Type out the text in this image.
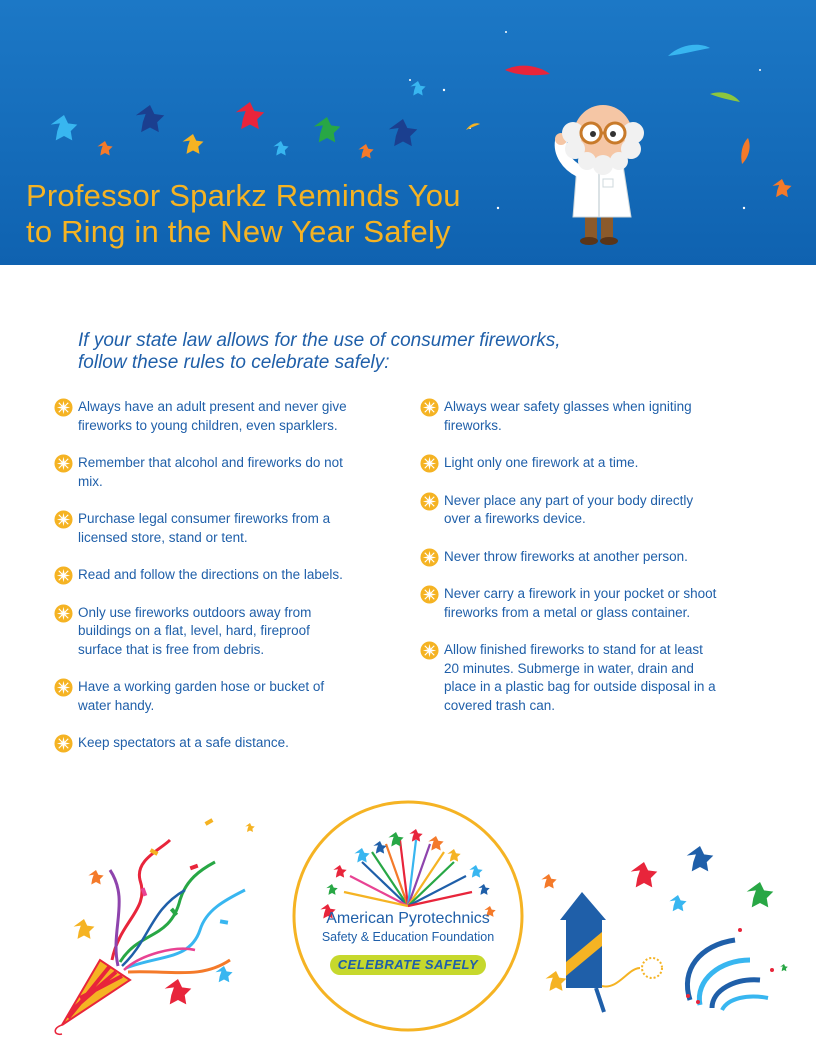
Professor Sparkz Reminds You
to Ring in the New Year Safely
If your state law allows for the use of consumer fireworks,
follow these rules to celebrate safely:
Always have an adult present and never give
fireworks to young children, even sparklers.
Remember that alcohol and fireworks do not
mix.
Purchase legal consumer fireworks from a
licensed store, stand or tent.
Read and follow the directions on the labels.
Only use fireworks outdoors away from
buildings on a flat, level, hard, fireproof
surface that is free from debris.
Have a working garden hose or bucket of
water handy.
Keep spectators at a safe distance.
Always wear safety glasses when igniting
fireworks.
Light only one firework at a time.
Never place any part of your body directly
over a fireworks device.
Never throw fireworks at another person.
Never carry a firework in your pocket or shoot
fireworks from a metal or glass container.
Allow finished fireworks to stand for at least
20 minutes. Submerge in water, drain and
place in a plastic bag for outside disposal in a
covered trash can.
American Pyrotechnics
Safety & Education Foundation
CELEBRATE SAFELY
